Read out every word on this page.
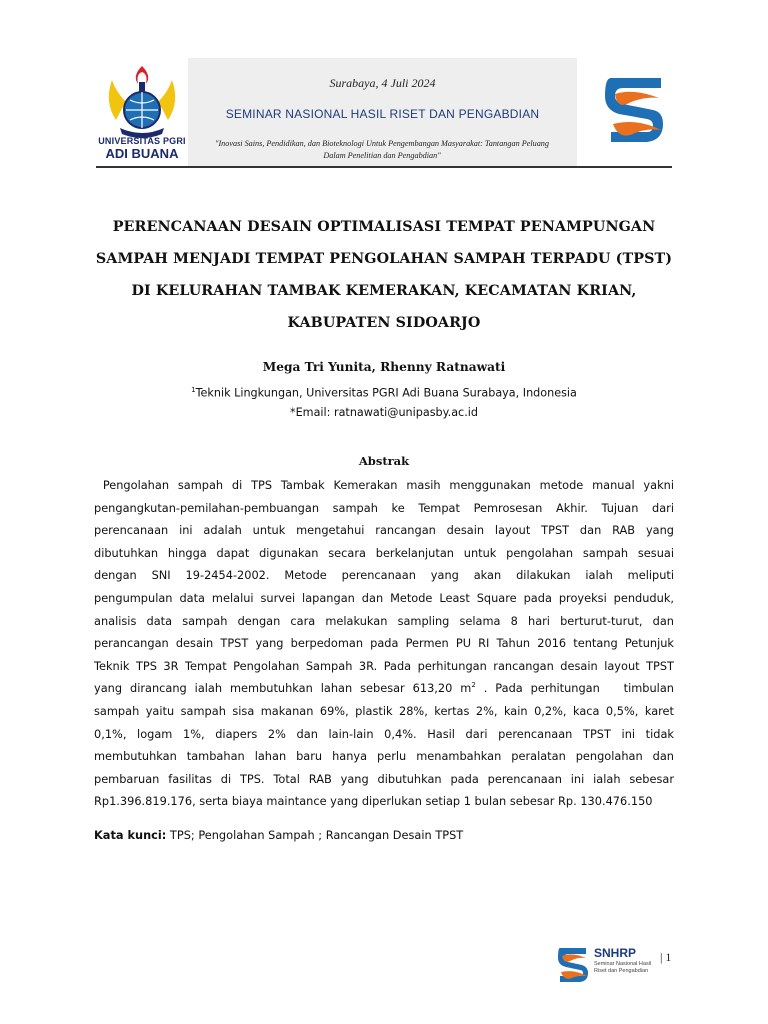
UNIVERSITAS PGRI
ADI BUANA
Surabaya, 4 Juli 2024
SEMINAR NASIONAL HASIL RISET DAN PENGABDIAN
"Inovasi Sains, Pendidikan, dan Bioteknologi Untuk Pengembangan Masyarakat: Tantangan Peluang
Dalam Penelitian dan Pengabdian"
PERENCANAAN DESAIN OPTIMALISASI TEMPAT PENAMPUNGAN
SAMPAH MENJADI TEMPAT PENGOLAHAN SAMPAH TERPADU (TPST)
DI KELURAHAN TAMBAK KEMERAKAN, KECAMATAN KRIAN,
KABUPATEN SIDOARJO
Mega Tri Yunita, Rhenny Ratnawati
$^1$Teknik Lingkungan, Universitas PGRI Adi Buana Surabaya, Indonesia
*Email: ratnawati@unipasby.ac.id
Abstrak
Pengolahan sampah di TPS Tambak Kemerakan masih menggunakan metode manual yakni
pengangkutan-pemilahan-pembuangan sampah ke Tempat Pemrosesan Akhir. Tujuan dari
perencanaan ini adalah untuk mengetahui rancangan desain layout TPST dan RAB yang
dibutuhkan hingga dapat digunakan secara berkelanjutan untuk pengolahan sampah sesuai
dengan SNI 19-2454-2002. Metode perencanaan yang akan dilakukan ialah meliputi
pengumpulan data melalui survei lapangan dan Metode Least Square pada proyeksi penduduk,
analisis data sampah dengan cara melakukan sampling selama 8 hari berturut-turut, dan
perancangan desain TPST yang berpedoman pada Permen PU RI Tahun 2016 tentang Petunjuk
Teknik TPS 3R Tempat Pengolahan Sampah 3R. Pada perhitungan rancangan desain layout TPST
yang dirancang ialah membutuhkan lahan sebesar 613,20 $m^2$ . Pada perhitungan   timbulan
sampah yaitu sampah sisa makanan 69%, plastik 28%, kertas 2%, kain 0,2%, kaca 0,5%, karet
0,1%, logam 1%, diapers 2% dan lain-lain 0,4%. Hasil dari perencanaan TPST ini tidak
membutuhkan tambahan lahan baru hanya perlu menambahkan peralatan pengolahan dan
pembaruan fasilitas di TPS. Total RAB yang dibutuhkan pada perencanaan ini ialah sebesar
Rp1.396.819.176, serta biaya maintance yang diperlukan setiap 1 bulan sebesar Rp. 130.476.150
Kata kunci: TPS; Pengolahan Sampah ; Rancangan Desain TPST
SNHRP
Seminar Nasional Hasil Riset dan Pengabdian
| 1
